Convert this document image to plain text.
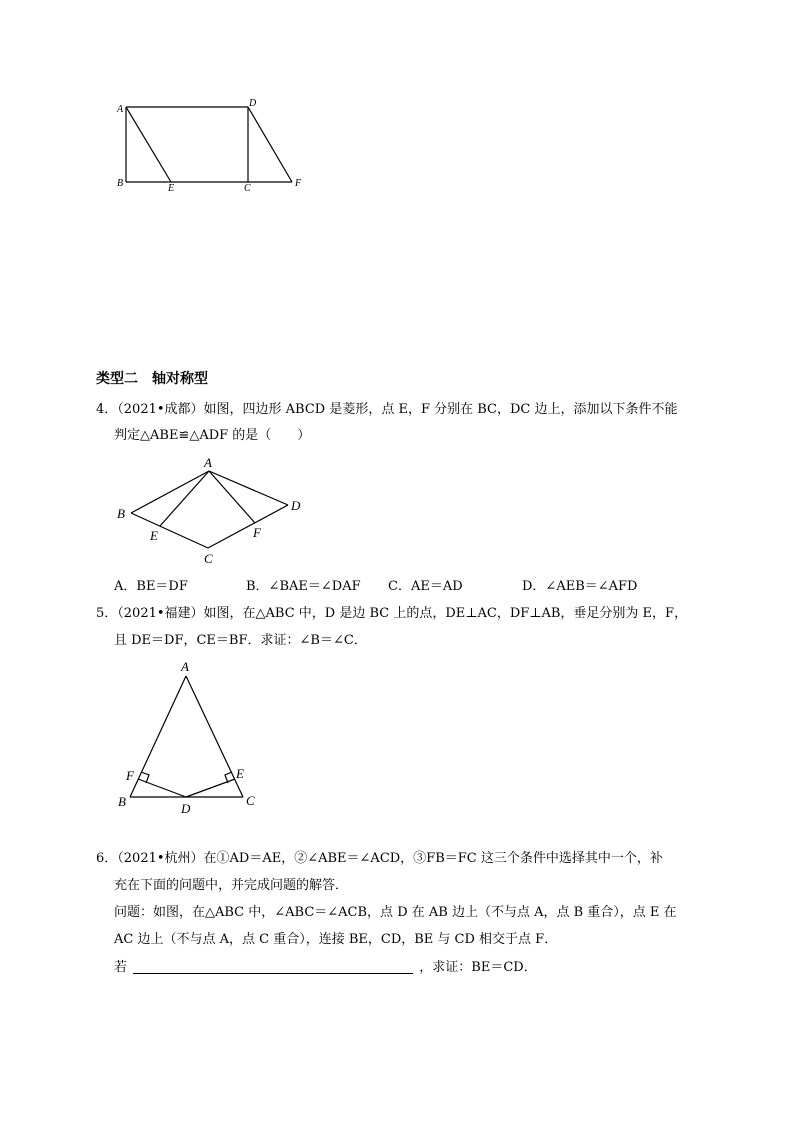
A
B	E	C
D
F
A
B
E
C
F
D
A
F	E
B	D
C
类型二　轴对称型
4．（2021•成都）如图，四边形 ABCD 是菱形，点 E，F 分别在 BC，DC 边上，添加以下条件不能
判定△ABE≌△ADF 的是（　　）
A．BE＝DF	B．∠BAE＝∠DAF C．AE＝AD	D．∠AEB＝∠AFD
5．（2021•福建）如图，在△ABC 中，D 是边 BC 上的点，DE⊥AC，DF⊥AB，垂足分别为 E，F，
且 DE＝DF，CE＝BF．求证：∠B＝∠C．
6．（2021•杭州）在①AD＝AE，②∠ABE＝∠ACD，③FB＝FC 这三个条件中选择其中一个，补
充在下面的问题中，并完成问题的解答．
问题：如图，在△ABC 中，∠ABC＝∠ACB，点 D 在 AB 边上（不与点 A，点 B 重合），点 E 在
AC 边上（不与点 A，点 C 重合），连接 BE，CD，BE 与 CD 相交于点 F．
若	，求证：BE＝CD．
